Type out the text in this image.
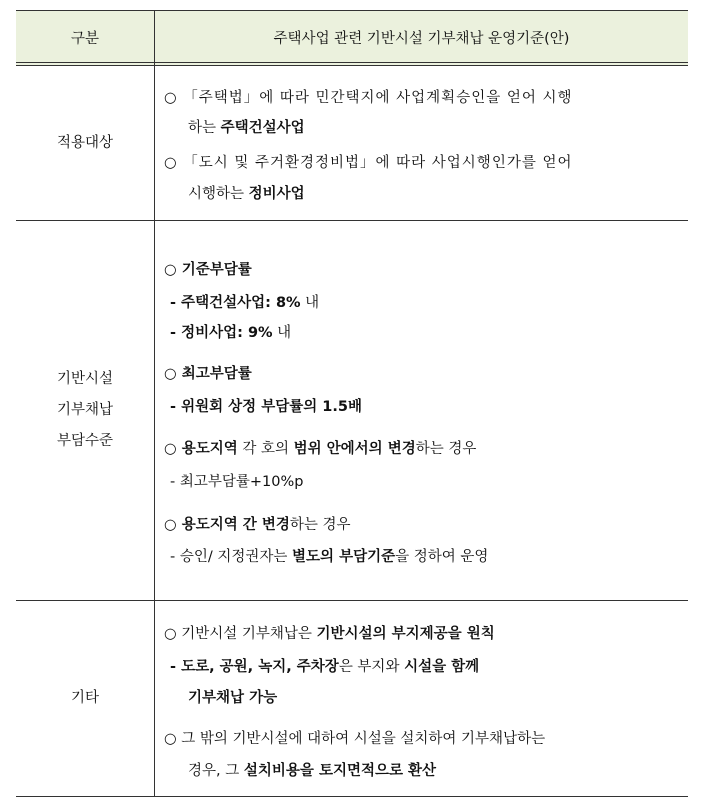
구분	주택사업 관련 기반시설 기부채납 운영기준(안)
적용대상
○ 「주택법」에 따라 민간택지에 사업계획승인을 얻어 시행
하는 주택건설사업
○ 「도시 및 주거환경정비법」에 따라 사업시행인가를 얻어
시행하는 정비사업
기반시설
기부채납
부담수준
○ 기준부담률
- 주택건설사업: 8% 내
- 정비사업: 9% 내
○ 최고부담률
- 위원회 상정 부담률의 1.5배
○ 용도지역 각 호의 범위 안에서의 변경하는 경우
- 최고부담률+10%p
○ 용도지역 간 변경하는 경우
- 승인/ 지정권자는 별도의 부담기준을 정하여 운영
기타
○ 기반시설 기부채납은 기반시설의 부지제공을 원칙
- 도로, 공원, 녹지, 주차장은 부지와 시설을 함께
기부채납 가능
○ 그 밖의 기반시설에 대하여 시설을 설치하여 기부채납하는
경우, 그 설치비용을 토지면적으로 환산
